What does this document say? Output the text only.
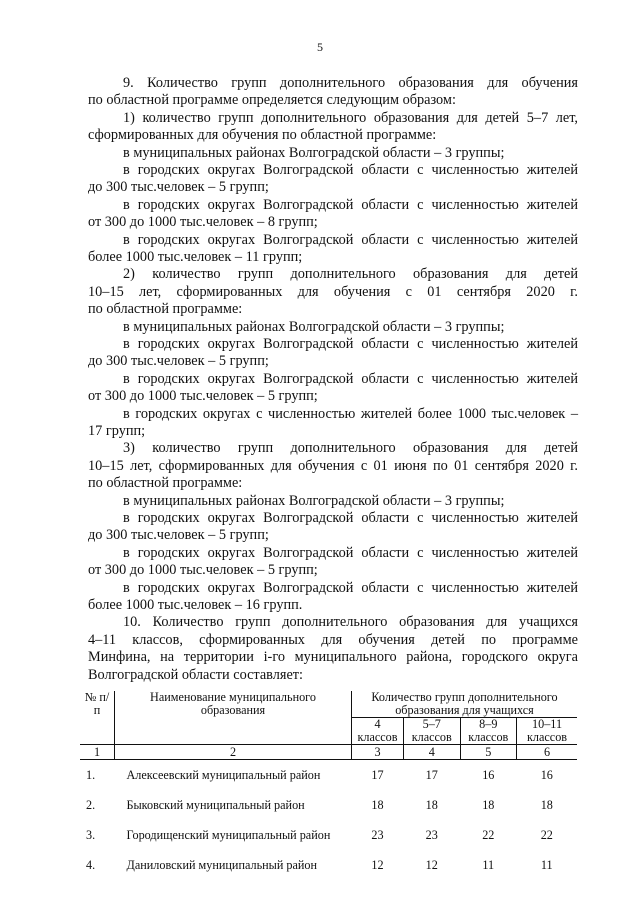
5
9. Количество групп дополнительного образования для обучения
по областной программе определяется следующим образом:
1) количество групп дополнительного образования для детей 5–7 лет,
сформированных для обучения по областной программе:
в муниципальных районах Волгоградской области – 3 группы;
в городских округах Волгоградской области с численностью жителей
до 300 тыс.человек – 5 групп;
в городских округах Волгоградской области с численностью жителей
от 300 до 1000 тыс.человек – 8 групп;
в городских округах Волгоградской области с численностью жителей
более 1000 тыс.человек – 11 групп;
2) количество групп дополнительного образования для детей
10–15 лет, сформированных для обучения с 01 сентября 2020 г.
по областной программе:
в муниципальных районах Волгоградской области – 3 группы;
в городских округах Волгоградской области с численностью жителей
до 300 тыс.человек – 5 групп;
в городских округах Волгоградской области с численностью жителей
от 300 до 1000 тыс.человек – 5 групп;
в городских округах с численностью жителей более 1000 тыс.человек –
17 групп;
3) количество групп дополнительного образования для детей
10–15 лет, сформированных для обучения с 01 июня по 01 сентября 2020 г.
по областной программе:
в муниципальных районах Волгоградской области – 3 группы;
в городских округах Волгоградской области с численностью жителей
до 300 тыс.человек – 5 групп;
в городских округах Волгоградской области с численностью жителей
от 300 до 1000 тыс.человек – 5 групп;
в городских округах Волгоградской области с численностью жителей
более 1000 тыс.человек – 16 групп.
10. Количество групп дополнительного образования для учащихся
4–11 классов, сформированных для обучения детей по программе
Минфина, на территории i-го муниципального района, городского округа
Волгоградской области составляет:
№ п/п	Наименование муниципального образования	Количество групп дополнительного образования для учащихся			
		4 классов	5–7 классов	8–9 классов	10–11 классов
1	2	3	4	5	6
1.	Алексеевский муниципальный район	17	17	16	16
2.	Быковский муниципальный район	18	18	18	18
3.	Городищенский муниципальный район	23	23	22	22
4.	Даниловский муниципальный район	12	12	11	11
